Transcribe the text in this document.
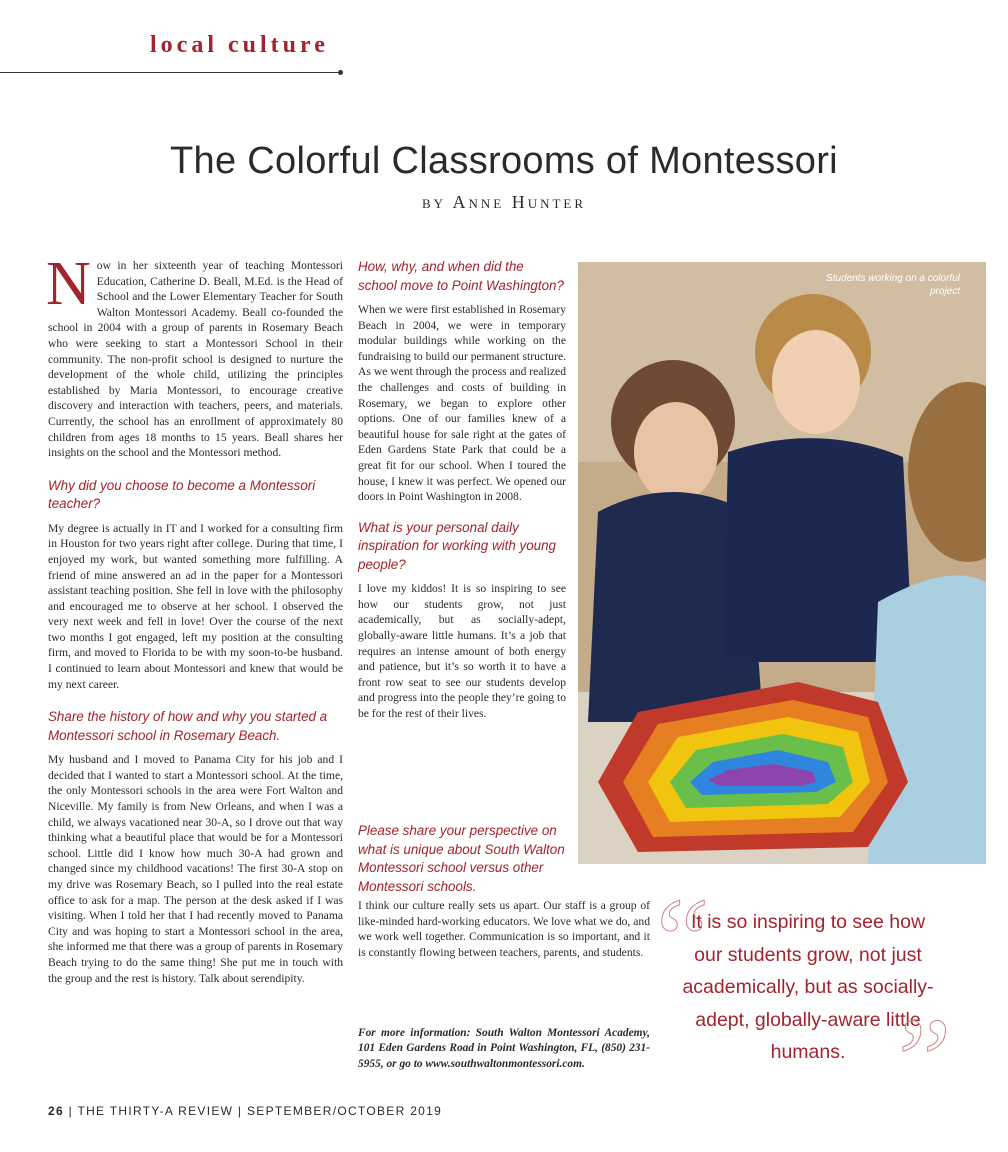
local culture
The Colorful Classrooms of Montessori
by Anne Hunter

Now in her sixteenth year of teaching Montessori Education, Catherine D. Beall, M.Ed. is the Head of School and the Lower Elementary Teacher for South Walton Montessori Academy. Beall co-founded the school in 2004 with a group of parents in Rosemary Beach who were seeking to start a Montessori School in their community. The non-profit school is designed to nurture the development of the whole child, utilizing the principles established by Maria Montessori, to encourage creative discovery and interaction with teachers, peers, and materials. Currently, the school has an enrollment of approximately 80 children from ages 18 months to 15 years. Beall shares her insights on the school and the Montessori method.

Why did you choose to become a Montessori teacher?

My degree is actually in IT and I worked for a consulting firm in Houston for two years right after college. During that time, I enjoyed my work, but wanted something more fulfilling. A friend of mine answered an ad in the paper for a Montessori assistant teaching position. She fell in love with the philosophy and encouraged me to observe at her school. I observed the very next week and fell in love! Over the course of the next two months I got engaged, left my position at the consulting firm, and moved to Florida to be with my soon-to-be husband. I continued to learn about Montessori and knew that would be my next career.

Share the history of how and why you started a Montessori school in Rosemary Beach.

My husband and I moved to Panama City for his job and I decided that I wanted to start a Montessori school. At the time, the only Montessori schools in the area were Fort Walton and Niceville. My family is from New Orleans, and when I was a child, we always vacationed near 30-A, so I drove out that way thinking what a beautiful place that would be for a Montessori school. Little did I know how much 30-A had grown and changed since my childhood vacations! The first 30-A stop on my drive was Rosemary Beach, so I pulled into the real estate office to ask for a map. The person at the desk asked if I was visiting. When I told her that I had recently moved to Panama City and was hoping to start a Montessori school in the area, she informed me that there was a group of parents in Rosemary Beach trying to do the same thing! She put me in touch with the group and the rest is history. Talk about serendipity.

How, why, and when did the school move to Point Washington?

When we were first established in Rosemary Beach in 2004, we were in temporary modular buildings while working on the fundraising to build our permanent structure. As we went through the process and realized the challenges and costs of building in Rosemary, we began to explore other options. One of our families knew of a beautiful house for sale right at the gates of Eden Gardens State Park that could be a great fit for our school. When I toured the house, I knew it was perfect. We opened our doors in Point Washington in 2008.

What is your personal daily inspiration for working with young people?

I love my kiddos! It is so inspiring to see how our students grow, not just academically, but as socially-adept, globally-aware little humans. It’s a job that requires an intense amount of both energy and patience, but it’s so worth it to have a front row seat to see our students develop and progress into the people they’re going to be for the rest of their lives.

Please share your perspective on what is unique about South Walton Montessori school versus other Montessori schools.

I think our culture really sets us apart. Our staff is a group of like-minded hard-working educators. We love what we do, and we work well together. Communication is so important, and it is constantly flowing between teachers, parents, and students.

For more information: South Walton Montessori Academy, 101 Eden Gardens Road in Point Washington, FL, (850) 231-5955, or go to www.southwaltonmontessori.com.
Students working on a colorful project
“
It is so inspiring to see how our students grow, not just academically, but as socially-adept, globally-aware little humans. ”
26 | THE THIRTY-A REVIEW | SEPTEMBER/OCTOBER 2019
